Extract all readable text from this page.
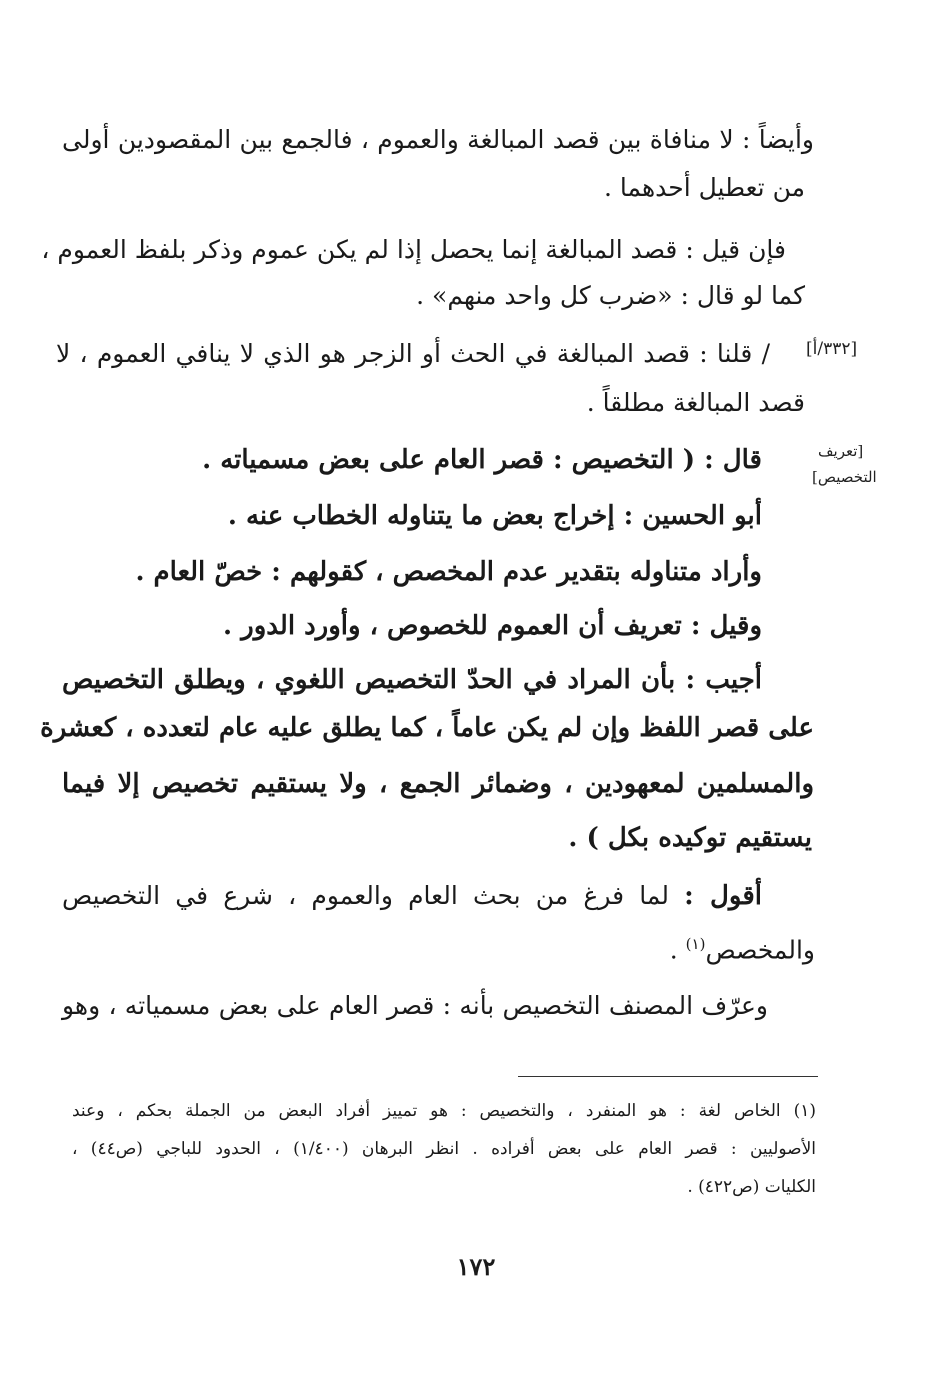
وأيضاً : لا منافاة بين قصد المبالغة والعموم ، فالجمع بين المقصودين أولى
من تعطيل أحدهما .
فإن قيل : قصد المبالغة إنما يحصل إذا لم يكن عموم وذكر بلفظ العموم ،
كما لو قال : «ضرب كل واحد منهم» .
/ قلنا : قصد المبالغة في الحث أو الزجر هو الذي لا ينافي العموم ، لا
قصد المبالغة مطلقاً .
[٣٣٢/أ]
[تعريف
التخصيص]
قال : ( التخصيص : قصر العام على بعض مسمياته .
أبو الحسين : إخراج بعض ما يتناوله الخطاب عنه .
وأراد متناوله بتقدير عدم المخصص ، كقولهم : خصّ العام .
وقيل : تعريف أن العموم للخصوص ، وأورد الدور .
أجيب : بأن المراد في الحدّ التخصيص اللغوي ، ويطلق التخصيص
على قصر اللفظ وإن لم يكن عاماً ، كما يطلق عليه عام لتعدده ، كعشرة
والمسلمين لمعهودين ، وضمائر الجمع ، ولا يستقيم تخصيص إلا فيما
يستقيم توكيده بكل ) .
أقول : لما فرغ من بحث العام والعموم ، شرع في التخصيص
والمخصص$^{(١)}$ .
وعرّف المصنف التخصيص بأنه : قصر العام على بعض مسمياته ، وهو
(١) الخاص لغة : هو المنفرد ، والتخصيص : هو تمييز أفراد البعض من الجملة بحكم ، وعند
الأصوليين : قصر العام على بعض أفراده . انظر البرهان (١/٤٠٠) ، الحدود للباجي (ص٤٤) ،
الكليات (ص٤٢٢) .
١٧٢
